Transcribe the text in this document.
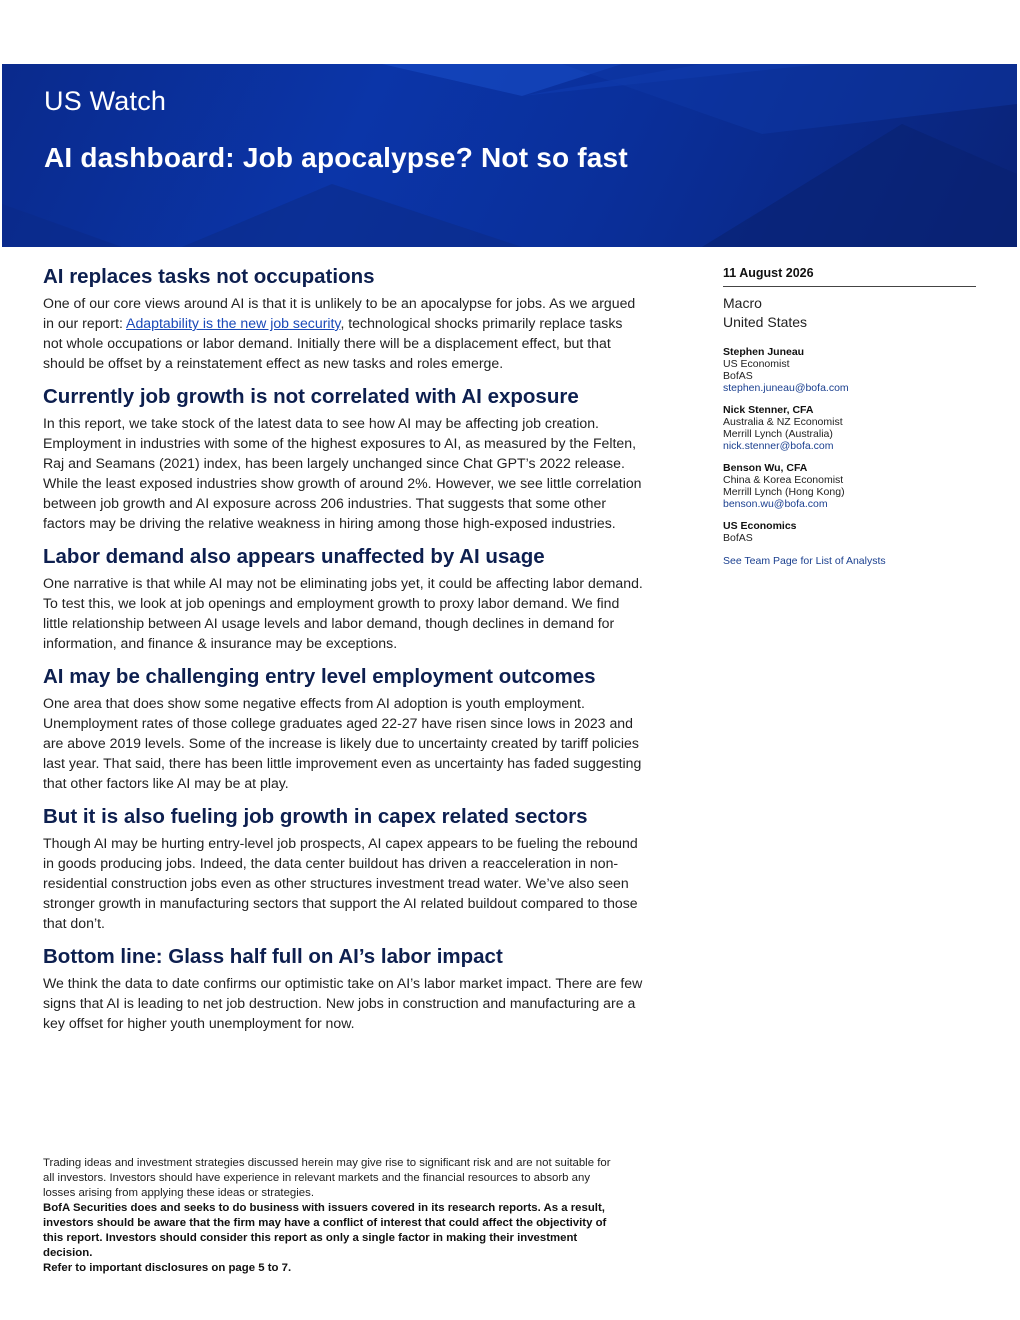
US Watch
AI dashboard: Job apocalypse? Not so fast
AI replaces tasks not occupations

One of our core views around AI is that it is unlikely to be an apocalypse for jobs. As we argued in our report: Adaptability is the new job security, technological shocks primarily replace tasks not whole occupations or labor demand. Initially there will be a displacement effect, but that should be offset by a reinstatement effect as new tasks and roles emerge.

Currently job growth is not correlated with AI exposure

In this report, we take stock of the latest data to see how AI may be affecting job creation. Employment in industries with some of the highest exposures to AI, as measured by the Felten, Raj and Seamans (2021) index, has been largely unchanged since Chat GPT’s 2022 release. While the least exposed industries show growth of around 2%. However, we see little correlation between job growth and AI exposure across 206 industries. That suggests that some other factors may be driving the relative weakness in hiring among those high-exposed industries.

Labor demand also appears unaffected by AI usage

One narrative is that while AI may not be eliminating jobs yet, it could be affecting labor demand. To test this, we look at job openings and employment growth to proxy labor demand. We find little relationship between AI usage levels and labor demand, though declines in demand for information, and finance & insurance may be exceptions.

AI may be challenging entry level employment outcomes

One area that does show some negative effects from AI adoption is youth employment. Unemployment rates of those college graduates aged 22-27 have risen since lows in 2023 and are above 2019 levels. Some of the increase is likely due to uncertainty created by tariff policies last year. That said, there has been little improvement even as uncertainty has faded suggesting that other factors like AI may be at play.

But it is also fueling job growth in capex related sectors

Though AI may be hurting entry-level job prospects, AI capex appears to be fueling the rebound in goods producing jobs. Indeed, the data center buildout has driven a reacceleration in non-residential construction jobs even as other structures investment tread water. We’ve also seen stronger growth in manufacturing sectors that support the AI related buildout compared to those that don’t.

Bottom line: Glass half full on AI’s labor impact

We think the data to date confirms our optimistic take on AI’s labor market impact. There are few signs that AI is leading to net job destruction. New jobs in construction and manufacturing are a key offset for higher youth unemployment for now.

11 August 2026
Macro
United States
Stephen Juneau
US Economist
BofAS
stephen.juneau@bofa.com
Nick Stenner, CFA
Australia & NZ Economist
Merrill Lynch (Australia)
nick.stenner@bofa.com
Benson Wu, CFA
China & Korea Economist
Merrill Lynch (Hong Kong)
benson.wu@bofa.com
US Economics
BofAS
See Team Page for List of Analysts
Trading ideas and investment strategies discussed herein may give rise to significant risk and are not suitable for all investors. Investors should have experience in relevant markets and the financial resources to absorb any losses arising from applying these ideas or strategies.
BofA Securities does and seeks to do business with issuers covered in its research reports. As a result, investors should be aware that the firm may have a conflict of interest that could affect the objectivity of this report. Investors should consider this report as only a single factor in making their investment decision.
Refer to important disclosures on page 5 to 7.
